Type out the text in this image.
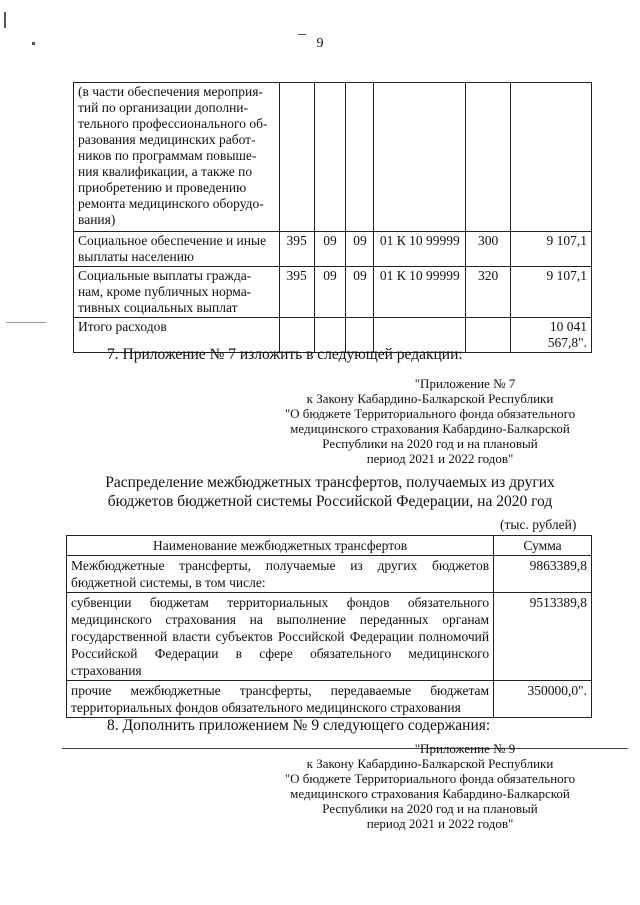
9
(в части обеспечения мероприя-тий по организации дополни-тельного профессионального об-разования медицинских работ-ников по программам повыше-ния квалификации, а также по приобретению и проведению ремонта медицинского оборудо-вания)						
Социальное обеспечение и иные выплаты населению	395	09	09	01 К 10 99999	300	9 107,1
Социальные выплаты гражда-нам, кроме публичных норма-тивных социальных выплат	395	09	09	01 К 10 99999	320	9 107,1
Итого расходов						10 041 567,8".
7. Приложение № 7 изложить в следующей редакции:
"Приложение № 7
к Закону Кабардино-Балкарской Республики
"О бюджете Территориального фонда обязательного
медицинского страхования Кабардино-Балкарской
Республики на 2020 год и на плановый
период 2021 и 2022 годов"
Распределение межбюджетных трансфертов, получаемых из других
бюджетов бюджетной системы Российской Федерации, на 2020 год
(тыс. рублей)
Наименование межбюджетных трансфертов	Сумма
Межбюджетные трансферты, получаемые из других бюджетов бюджетной системы, в том числе:	9863389,8
субвенции бюджетам территориальных фондов обязательного медицинского страхования на выполнение переданных органам государственной власти субъектов Российской Федерации полномочий Российской Федерации в сфере обязательного медицинского страхования	9513389,8
прочие межбюджетные трансферты, передаваемые бюджетам территориальных фондов обязательного медицинского страхования	350000,0".
8. Дополнить приложением № 9 следующего содержания:
"Приложение № 9
к Закону Кабардино-Балкарской Республики
"О бюджете Территориального фонда обязательного
медицинского страхования Кабардино-Балкарской
Республики на 2020 год и на плановый
период 2021 и 2022 годов"
